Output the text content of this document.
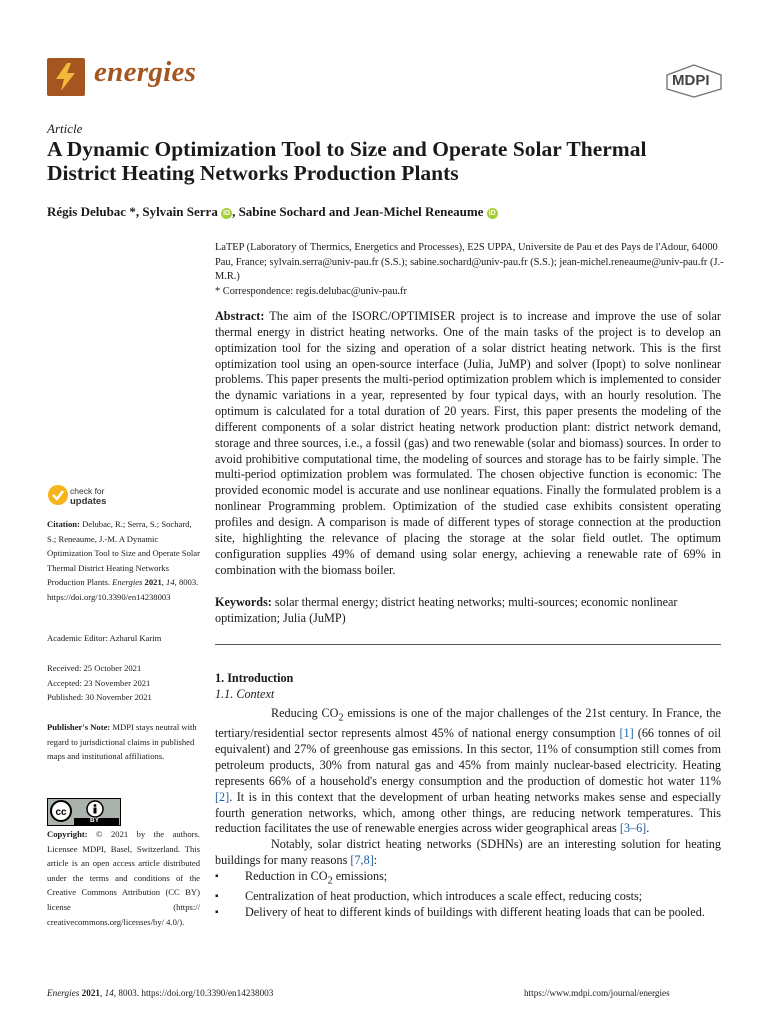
energies	MDPI
Article
A Dynamic Optimization Tool to Size and Operate Solar Thermal District Heating Networks Production Plants
Régis Delubac *, Sylvain Serra iD , Sabine Sochard and Jean-Michel Reneaume iD

LaTEP (Laboratory of Thermics, Energetics and Processes), E2S UPPA, Universite de Pau et des Pays de l'Adour, 64000 Pau, France; sylvain.serra@univ-pau.fr (S.S.); sabine.sochard@univ-pau.fr (S.S.); jean-michel.reneaume@univ-pau.fr (J.-M.R.)

* Correspondence: regis.delubac@univ-pau.fr

Abstract: The aim of the ISORC/OPTIMISER project is to increase and improve the use of solar thermal energy in district heating networks. One of the main tasks of the project is to develop an optimization tool for the sizing and operation of a solar district heating network. This is the first optimization tool using an open-source interface (Julia, JuMP) and solver (Ipopt) to solve nonlinear problems. This paper presents the multi-period optimization problem which is implemented to consider the dynamic variations in a year, represented by four typical days, with an hourly resolution. The optimum is calculated for a total duration of 20 years. First, this paper presents the modeling of the different components of a solar district heating network production plant: district network demand, storage and three sources, i.e., a fossil (gas) and two renewable (solar and biomass) sources. In order to avoid prohibitive computational time, the modeling of sources and storage has to be fairly simple. The multi-period optimization problem was formulated. The chosen objective function is economic: The provided economic model is accurate and use nonlinear equations. Finally the formulated problem is a nonlinear Programming problem. Optimization of the studied case exhibits consistent operating profiles and design. A comparison is made of different types of storage connection at the production site, highlighting the relevance of placing the storage at the solar field outlet. The optimum configuration supplies 49% of demand using solar energy, achieving a renewable rate of 69% in combination with the biomass boiler.
Keywords: solar thermal energy; district heating networks; multi-sources; economic nonlinear optimization; Julia (JuMP)
check for
updates

Citation: Delubac, R.; Serra, S.; Sochard, S.; Reneaume, J.-M. A Dynamic Optimization Tool to Size and Operate Solar Thermal District Heating Networks Production Plants. Energies 2021, 14, 8003. https://doi.org/10.3390/en14238003

Academic Editor: Azharul Karim

Received: 25 October 2021

Accepted: 23 November 2021

Published: 30 November 2021

Publisher's Note: MDPI stays neutral with regard to jurisdictional claims in published maps and institutional affiliations.

cc
BY

Copyright: © 2021 by the authors. Licensee MDPI, Basel, Switzerland. This article is an open access article distributed under the terms and conditions of the Creative Commons Attribution (CC BY) license (https:// creativecommons.org/licenses/by/ 4.0/).

1. Introduction
1.1. Context

Reducing $CO_2$ emissions is one of the major challenges of the 21st century. In France, the tertiary/residential sector represents almost 45% of national energy consumption [1] (66 tonnes of oil equivalent) and 27% of greenhouse gas emissions. In this sector, 11% of consumption still comes from petroleum products, 30% from natural gas and 45% from mainly nuclear-based electricity. Heating represents 66% of a household's energy consumption and the production of domestic hot water 11% [2]. It is in this context that the development of urban heating networks makes sense and especially fourth generation networks, which, among other things, are reducing network temperatures. This reduction facilitates the use of renewable energies across wider geographical areas [3–6].

Notably, solar district heating networks (SDHNs) are an interesting solution for heating buildings for many reasons [7,8]:

▪ Reduction in $CO_2$ emissions;
▪ Centralization of heat production, which introduces a scale effect, reducing costs;
▪ Delivery of heat to different kinds of buildings with different heating loads that can be pooled.
Energies 2021, 14, 8003. https://doi.org/10.3390/en14238003	https://www.mdpi.com/journal/energies
